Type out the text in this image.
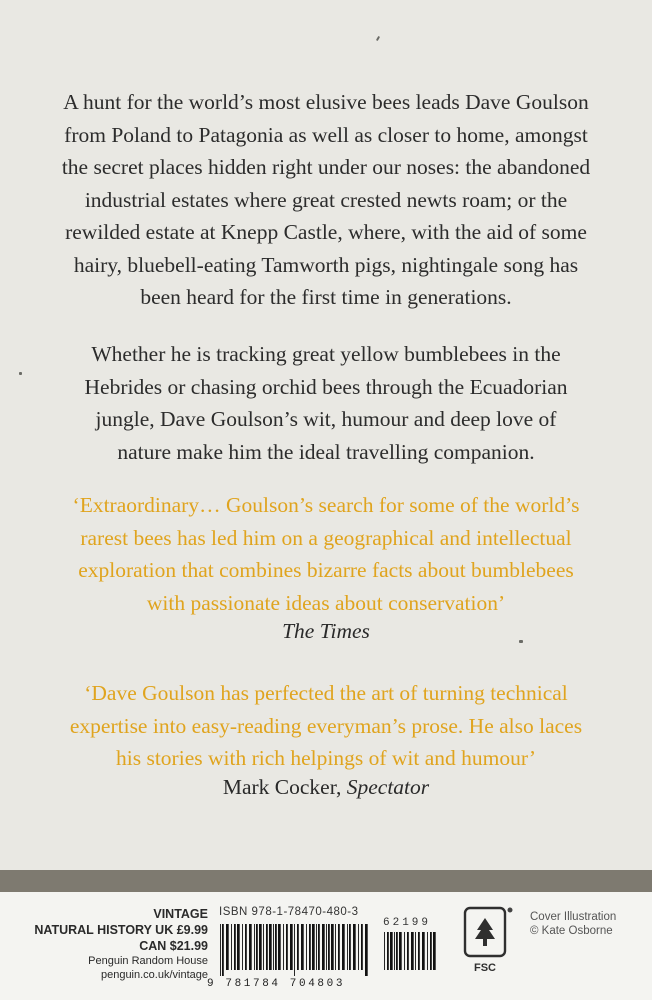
A hunt for the world’s most elusive bees leads Dave Goulson
from Poland to Patagonia as well as closer to home, amongst
the secret places hidden right under our noses: the abandoned
industrial estates where great crested newts roam; or the
rewilded estate at Knepp Castle, where, with the aid of some
hairy, bluebell-eating Tamworth pigs, nightingale song has
been heard for the first time in generations.

Whether he is tracking great yellow bumblebees in the
Hebrides or chasing orchid bees through the Ecuadorian
jungle, Dave Goulson’s wit, humour and deep love of
nature make him the ideal travelling companion.

‘Extraordinary… Goulson’s search for some of the world’s
rarest bees has led him on a geographical and intellectual
exploration that combines bizarre facts about bumblebees
with passionate ideas about conservation’

The Times

‘Dave Goulson has perfected the art of turning technical
expertise into easy-reading everyman’s prose. He also laces
his stories with rich helpings of wit and humour’

Mark Cocker, Spectator
VINTAGE
NATURAL HISTORY UK £9.99
CAN $21.99
Penguin Random House
penguin.co.uk/vintage
ISBN 978-1-78470-480-3
9 781784 704803
62199
FSC
Cover Illustration
© Kate Osborne
